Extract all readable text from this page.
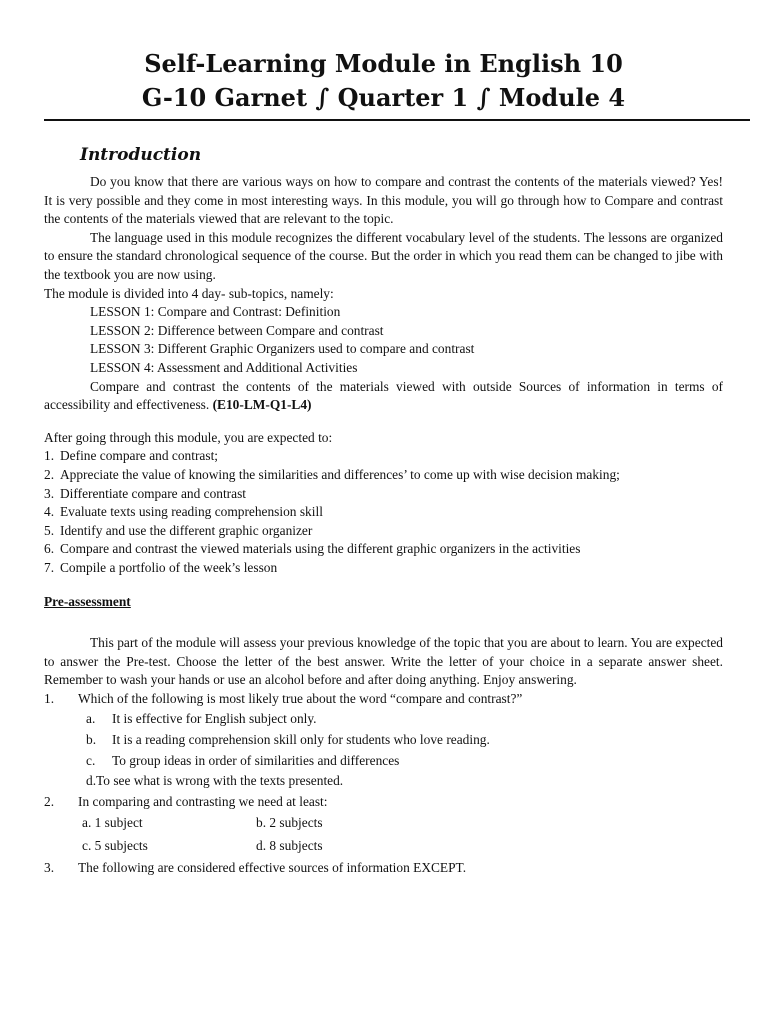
Self-Learning Module in English 10
G-10 Garnet ∫ Quarter 1 ∫ Module 4
Introduction

Do you know that there are various ways on how to compare and contrast the contents of the materials viewed? Yes! It is very possible and they come in most interesting ways. In this module, you will go through how to Compare and contrast the contents of the materials viewed that are relevant to the topic.

The language used in this module recognizes the different vocabulary level of the students. The lessons are organized to ensure the standard chronological sequence of the course. But the order in which you read them can be changed to jibe with the textbook you are now using.

The module is divided into 4 day- sub-topics, namely:

LESSON 1: Compare and Contrast: Definition
LESSON 2: Difference between Compare and contrast
LESSON 3: Different Graphic Organizers used to compare and contrast
LESSON 4: Assessment and Additional Activities

Compare and contrast the contents of the materials viewed with outside Sources of information in terms of accessibility and effectiveness. (E10-LM-Q1-L4)

After going through this module, you are expected to:

1. Define compare and contrast;
2. Appreciate the value of knowing the similarities and differences’ to come up with wise decision making;
3. Differentiate compare and contrast
4. Evaluate texts using reading comprehension skill
5. Identify and use the different graphic organizer
6. Compare and contrast the viewed materials using the different graphic organizers in the activities
7. Compile a portfolio of the week’s lesson
Pre-assessment

This part of the module will assess your previous knowledge of the topic that you are about to learn. You are expected to answer the Pre-test. Choose the letter of the best answer. Write the letter of your choice in a separate answer sheet. Remember to wash your hands or use an alcohol before and after doing anything. Enjoy answering.

1. Which of the following is most likely true about the word “compare and contrast?”
a. It is effective for English subject only.
b. It is a reading comprehension skill only for students who love reading.
c. To group ideas in order of similarities and differences
d.To see what is wrong with the texts presented.
2. In comparing and contrasting we need at least:
a. 1 subject	b. 2 subjects
c. 5 subjects	d. 8 subjects
3. The following are considered effective sources of information EXCEPT.
